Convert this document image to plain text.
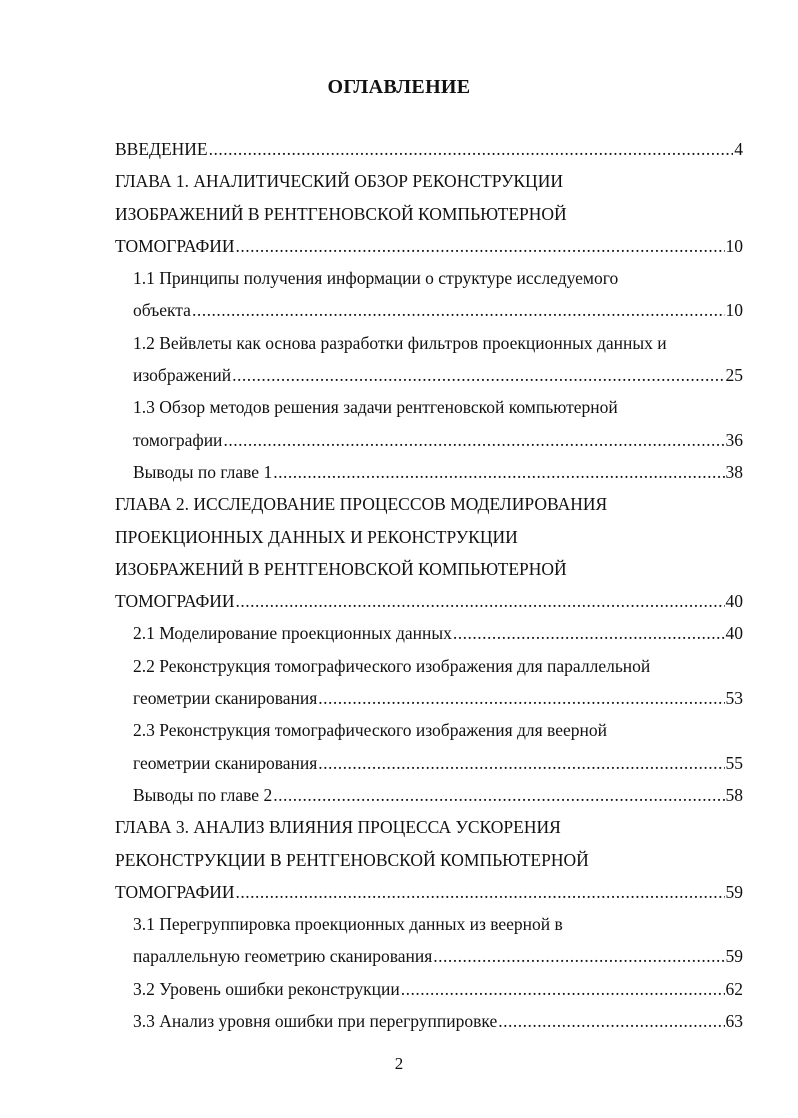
ОГЛАВЛЕНИЕ
ВВЕДЕНИЕ .....	4
ГЛАВА 1. АНАЛИТИЧЕСКИЙ ОБЗОР РЕКОНСТРУКЦИИ
ИЗОБРАЖЕНИЙ В РЕНТГЕНОВСКОЙ КОМПЬЮТЕРНОЙ
ТОМОГРАФИИ .....	10
1.1 Принципы получения информации о структуре исследуемого
объекта .....	10
1.2 Вейвлеты как основа разработки фильтров проекционных данных и
изображений .....	25
1.3 Обзор методов решения задачи рентгеновской компьютерной
томографии .....	36
Выводы по главе 1 .....	38
ГЛАВА 2. ИССЛЕДОВАНИЕ ПРОЦЕССОВ МОДЕЛИРОВАНИЯ
ПРОЕКЦИОННЫХ ДАННЫХ И РЕКОНСТРУКЦИИ
ИЗОБРАЖЕНИЙ В РЕНТГЕНОВСКОЙ КОМПЬЮТЕРНОЙ
ТОМОГРАФИИ .....	40
2.1 Моделирование проекционных данных .....	40
2.2 Реконструкция томографического изображения для параллельной
геометрии сканирования .....	53
2.3 Реконструкция томографического изображения для веерной
геометрии сканирования .....	55
Выводы по главе 2 .....	58
ГЛАВА 3. АНАЛИЗ ВЛИЯНИЯ ПРОЦЕССА УСКОРЕНИЯ
РЕКОНСТРУКЦИИ В РЕНТГЕНОВСКОЙ КОМПЬЮТЕРНОЙ
ТОМОГРАФИИ .....	59
3.1 Перегруппировка проекционных данных из веерной в
параллельную геометрию сканирования .....	59
3.2 Уровень ошибки реконструкции .....	62
3.3 Анализ уровня ошибки при перегруппировке .....	63
2
